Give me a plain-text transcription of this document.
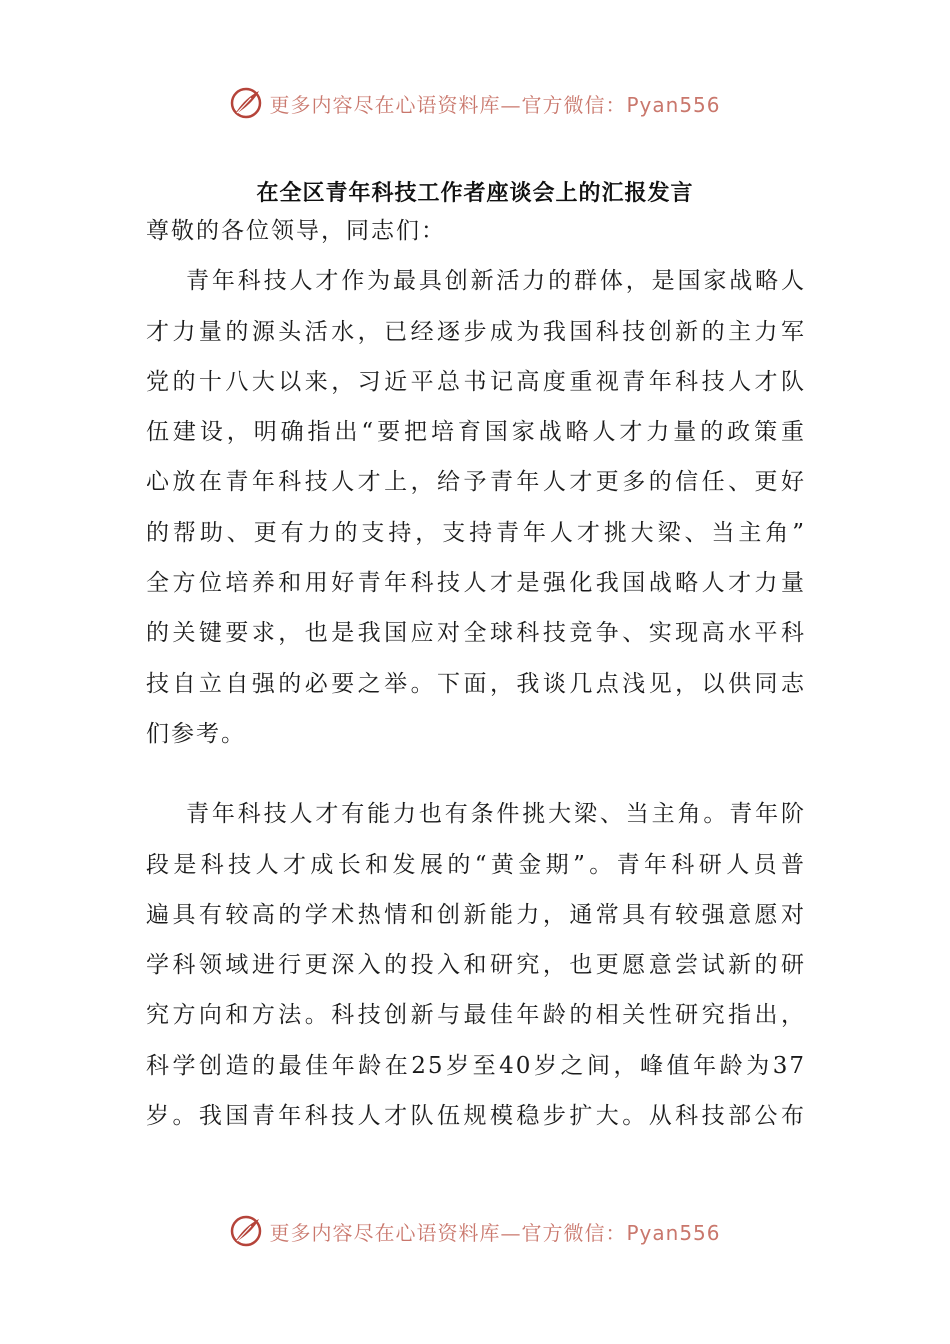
更多内容尽在心语资料库—官方微信：Pyan556
在全区青年科技工作者座谈会上的汇报发言
尊敬的各位领导，同志们：
青年科技人才作为最具创新活力的群体，是国家战略人
才力量的源头活水，已经逐步成为我国科技创新的主力军
党的十八大以来，习近平总书记高度重视青年科技人才队
伍建设，明确指出“要把培育国家战略人才力量的政策重
心放在青年科技人才上，给予青年人才更多的信任、更好
的帮助、更有力的支持，支持青年人才挑大梁、当主角”
全方位培养和用好青年科技人才是强化我国战略人才力量
的关键要求，也是我国应对全球科技竞争、实现高水平科
技自立自强的必要之举。下面，我谈几点浅见，以供同志
们参考。
青年科技人才有能力也有条件挑大梁、当主角。青年阶
段是科技人才成长和发展的“黄金期”。青年科研人员普
遍具有较高的学术热情和创新能力，通常具有较强意愿对
学科领域进行更深入的投入和研究，也更愿意尝试新的研
究方向和方法。科技创新与最佳年龄的相关性研究指出，
科学创造的最佳年龄在25岁至40岁之间，峰值年龄为37
岁。我国青年科技人才队伍规模稳步扩大。从科技部公布
更多内容尽在心语资料库—官方微信：Pyan556
